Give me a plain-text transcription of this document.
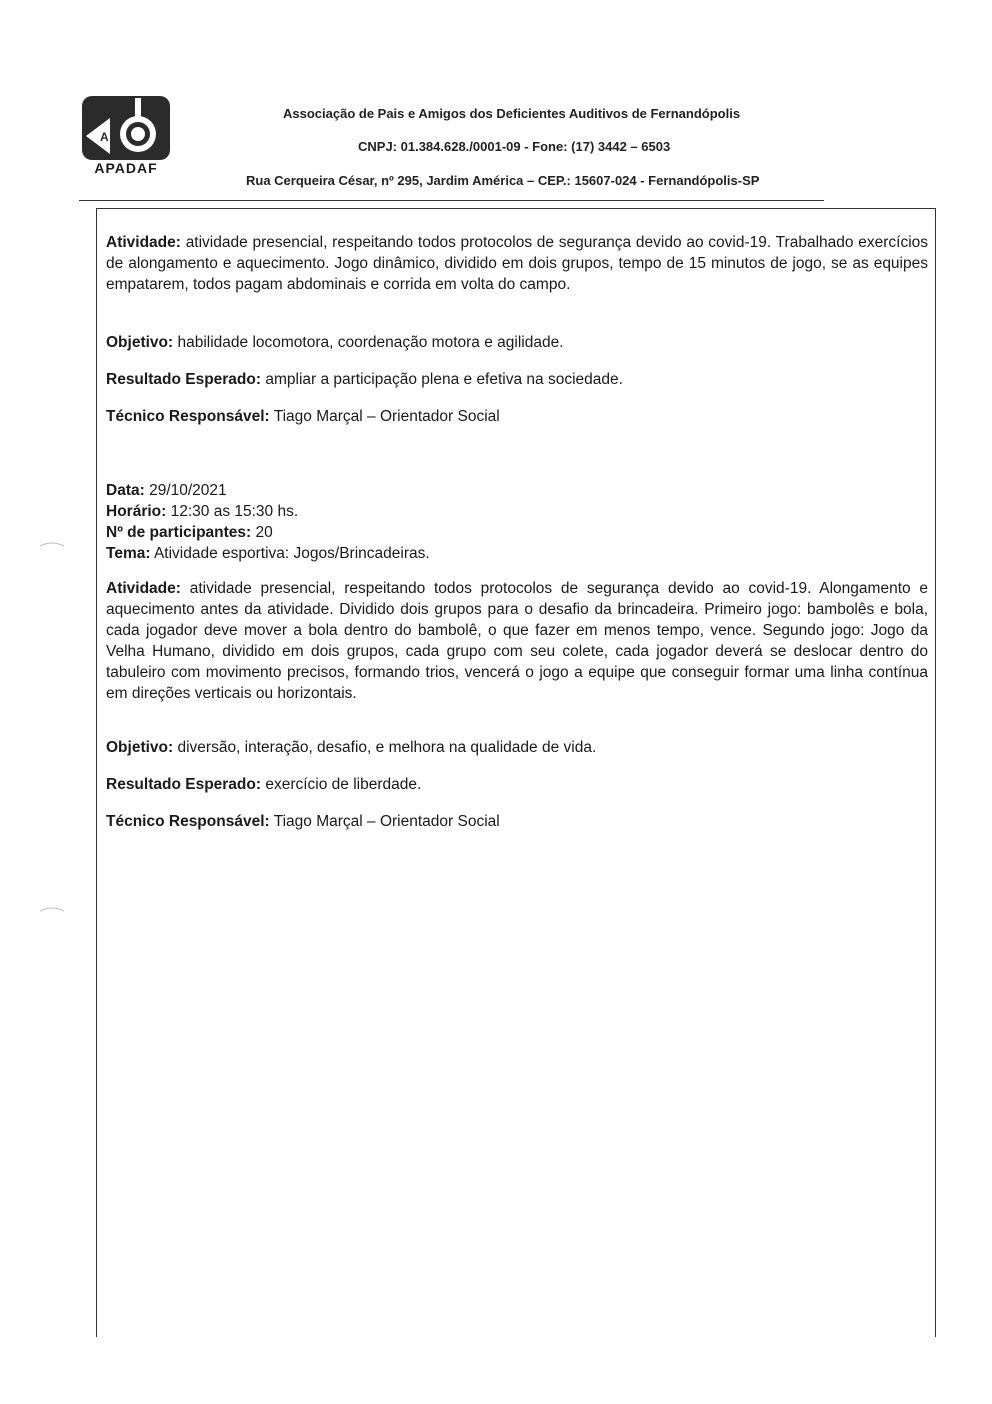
A
APADAF
Associação de Pais e Amigos dos Deficientes Auditivos de Fernandópolis
CNPJ: 01.384.628./0001-09 - Fone: (17) 3442 – 6503
Rua Cerqueira César, nº 295, Jardim América – CEP.: 15607-024 - Fernandópolis-SP

Atividade: atividade presencial, respeitando todos protocolos de segurança devido ao covid-19. Trabalhado exercícios de alongamento e aquecimento. Jogo dinâmico, dividido em dois grupos, tempo de 15 minutos de jogo, se as equipes empatarem, todos pagam abdominais e corrida em volta do campo.

Objetivo: habilidade locomotora, coordenação motora e agilidade.

Resultado Esperado: ampliar a participação plena e efetiva na sociedade.

Técnico Responsável: Tiago Marçal – Orientador Social

Data: 29/10/2021
Horário: 12:30 as 15:30 hs.
Nº de participantes: 20
Tema: Atividade esportiva: Jogos/Brincadeiras.

Atividade: atividade presencial, respeitando todos protocolos de segurança devido ao covid-19. Alongamento e aquecimento antes da atividade. Dividido dois grupos para o desafio da brincadeira. Primeiro jogo: bambolês e bola, cada jogador deve mover a bola dentro do bambolê, o que fazer em menos tempo, vence. Segundo jogo: Jogo da Velha Humano, dividido em dois grupos, cada grupo com seu colete, cada jogador deverá se deslocar dentro do tabuleiro com movimento precisos, formando trios, vencerá o jogo a equipe que conseguir formar uma linha contínua em direções verticais ou horizontais.

Objetivo: diversão, interação, desafio, e melhora na qualidade de vida.

Resultado Esperado: exercício de liberdade.

Técnico Responsável: Tiago Marçal – Orientador Social
